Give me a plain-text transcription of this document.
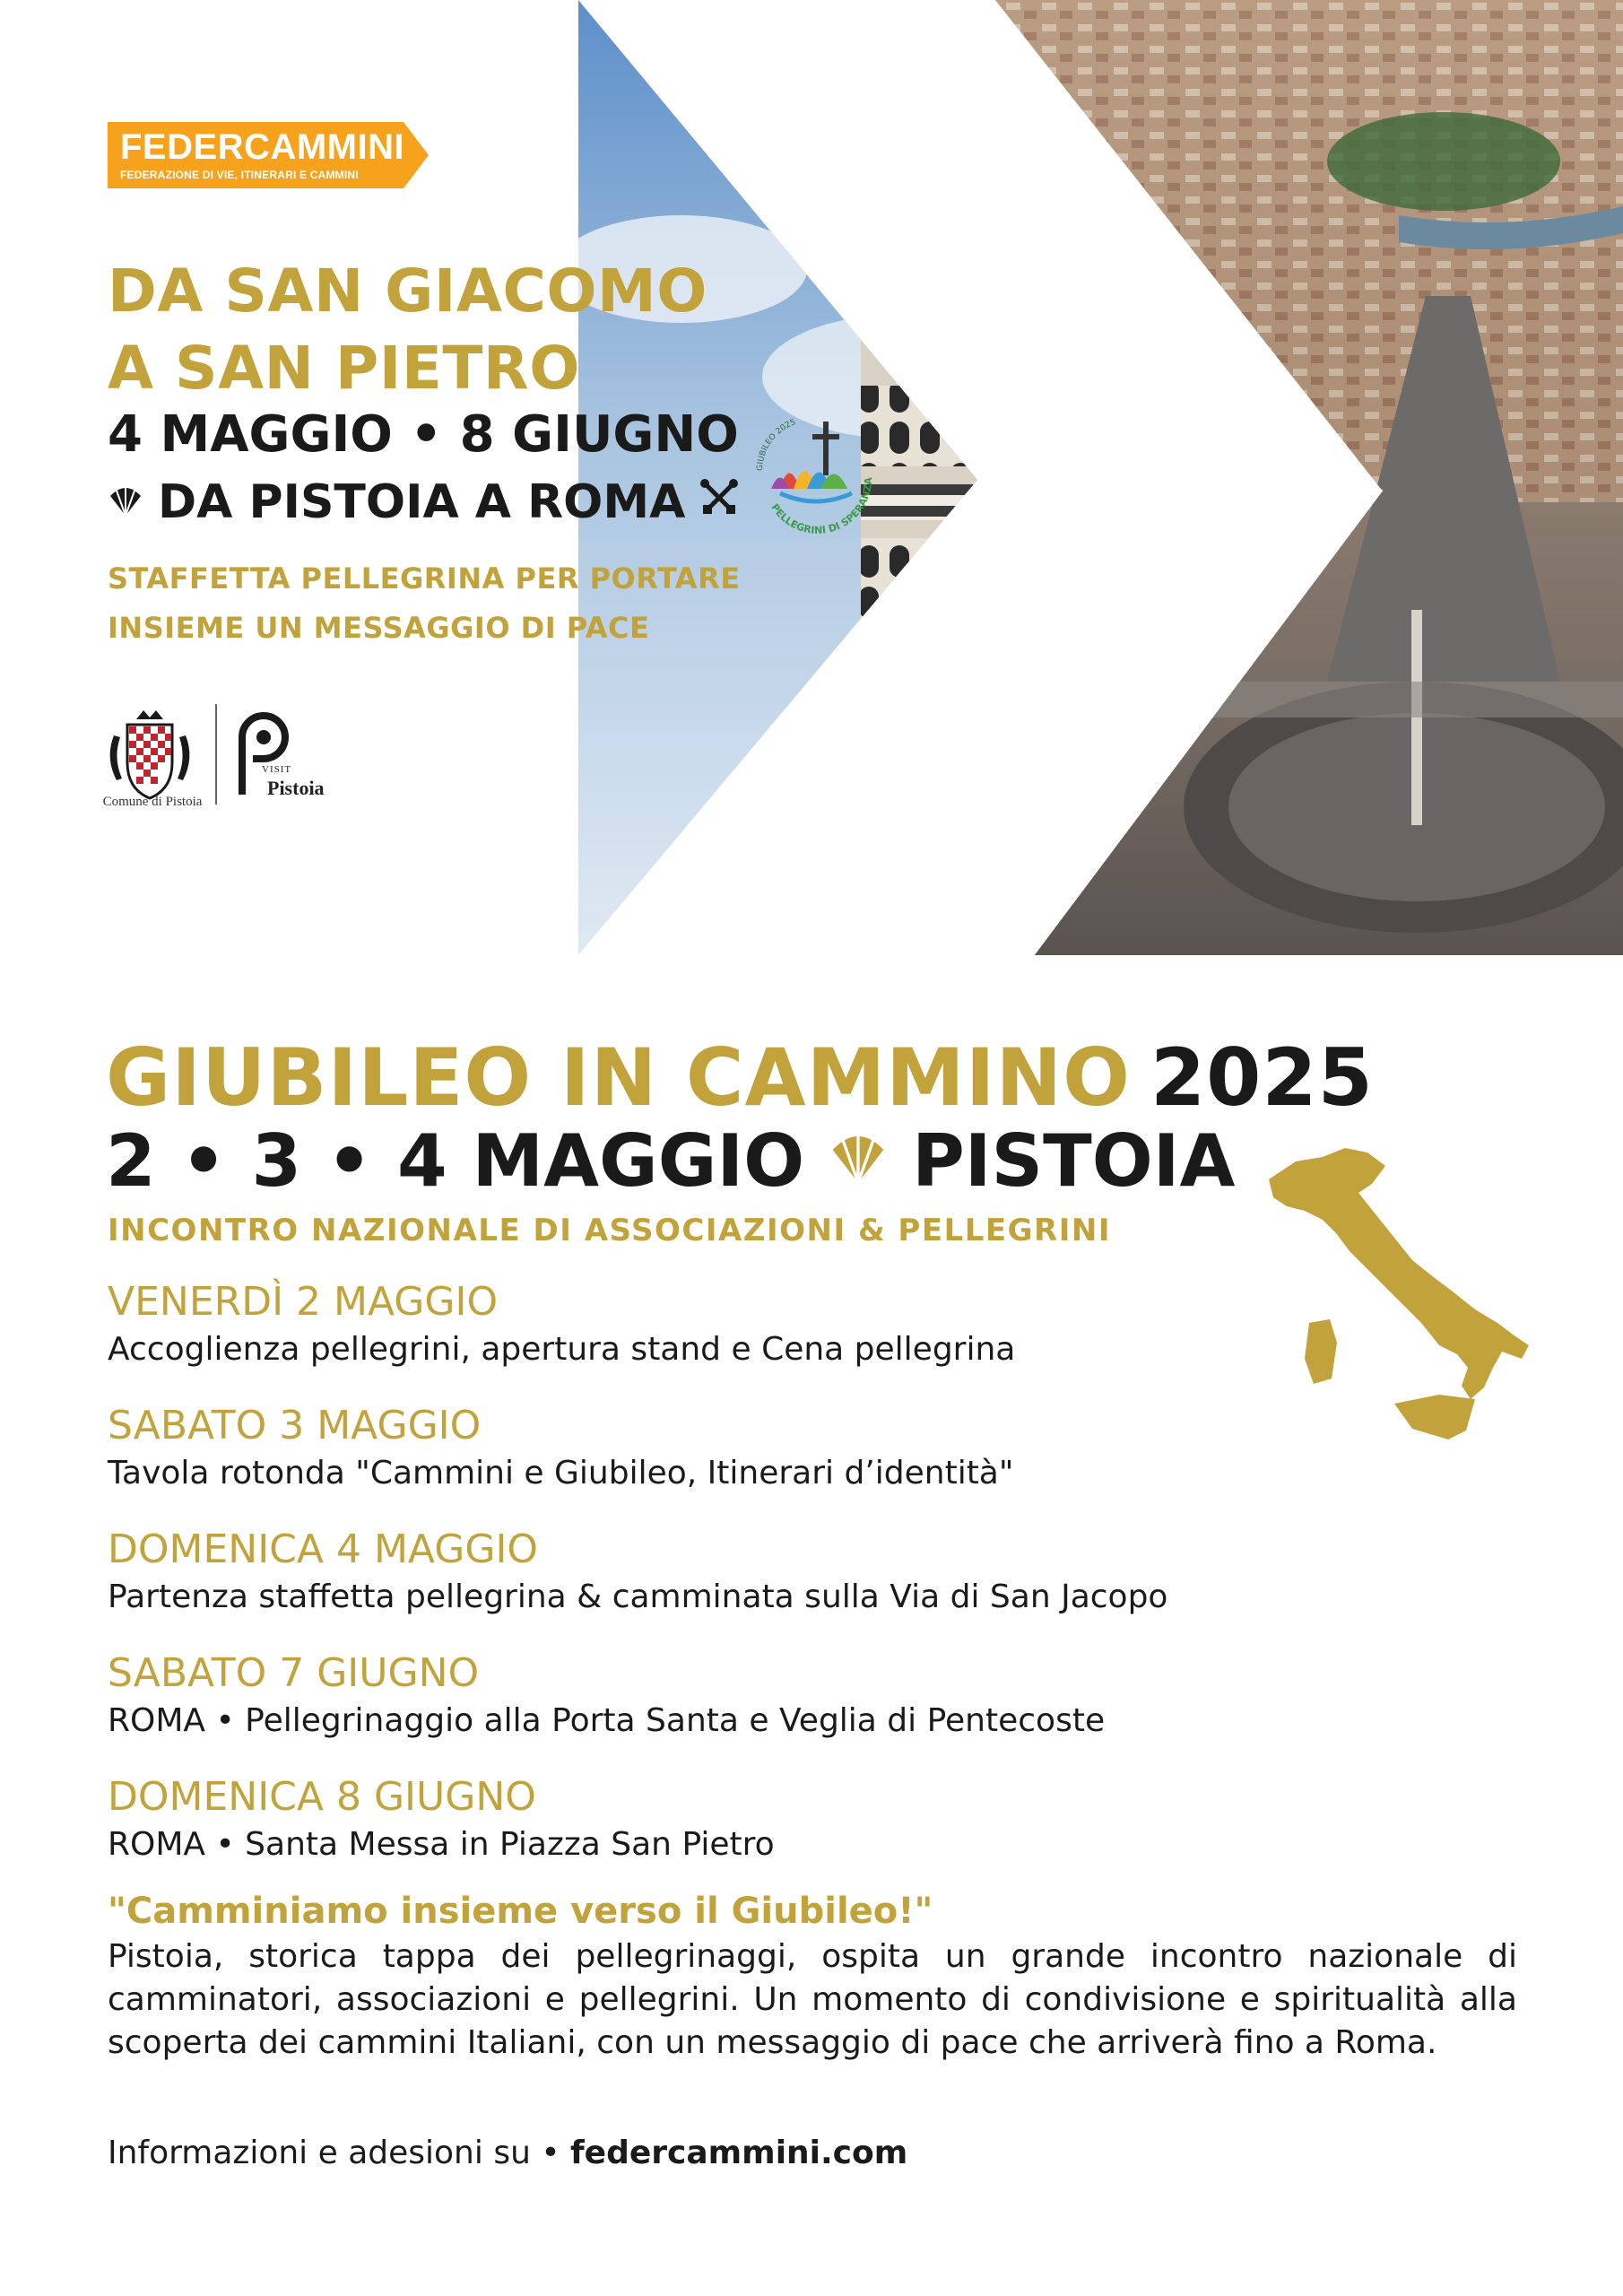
FEDERCAMMINI
FEDERAZIONE DI VIE, ITINERARI E CAMMINI
DA SAN GIACOMO
A SAN PIETRO
4 MAGGIO • 8 GIUGNO
DA PISTOIA A ROMA
STAFFETTA PELLEGRINA PER PORTARE
INSIEME UN MESSAGGIO DI PACE
GIUBILEO 2025
PELLEGRINI DI SPERANZA
Comune di Pistoia
VISIT
Pistoia
GIUBILEO IN CAMMINO 2025
2 • 3 • 4 MAGGIO PISTOIA
INCONTRO NAZIONALE DI ASSOCIAZIONI & PELLEGRINI
VENERDÌ 2 MAGGIO
Accoglienza pellegrini, apertura stand e Cena pellegrina
SABATO 3 MAGGIO
Tavola rotonda "Cammini e Giubileo, Itinerari d’identità"
DOMENICA 4 MAGGIO
Partenza staffetta pellegrina & camminata sulla Via di San Jacopo
SABATO 7 GIUGNO
ROMA • Pellegrinaggio alla Porta Santa e Veglia di Pentecoste
DOMENICA 8 GIUGNO
ROMA • Santa Messa in Piazza San Pietro
"Camminiamo insieme verso il Giubileo!"
Pistoia, storica tappa dei pellegrinaggi, ospita un grande incontro nazionale di camminatori, associazioni e pellegrini. Un momento di condivisione e spiritualità alla scoperta dei cammini Italiani, con un messaggio di pace che arriverà fino a Roma.
Informazioni e adesioni su • federcammini.com
